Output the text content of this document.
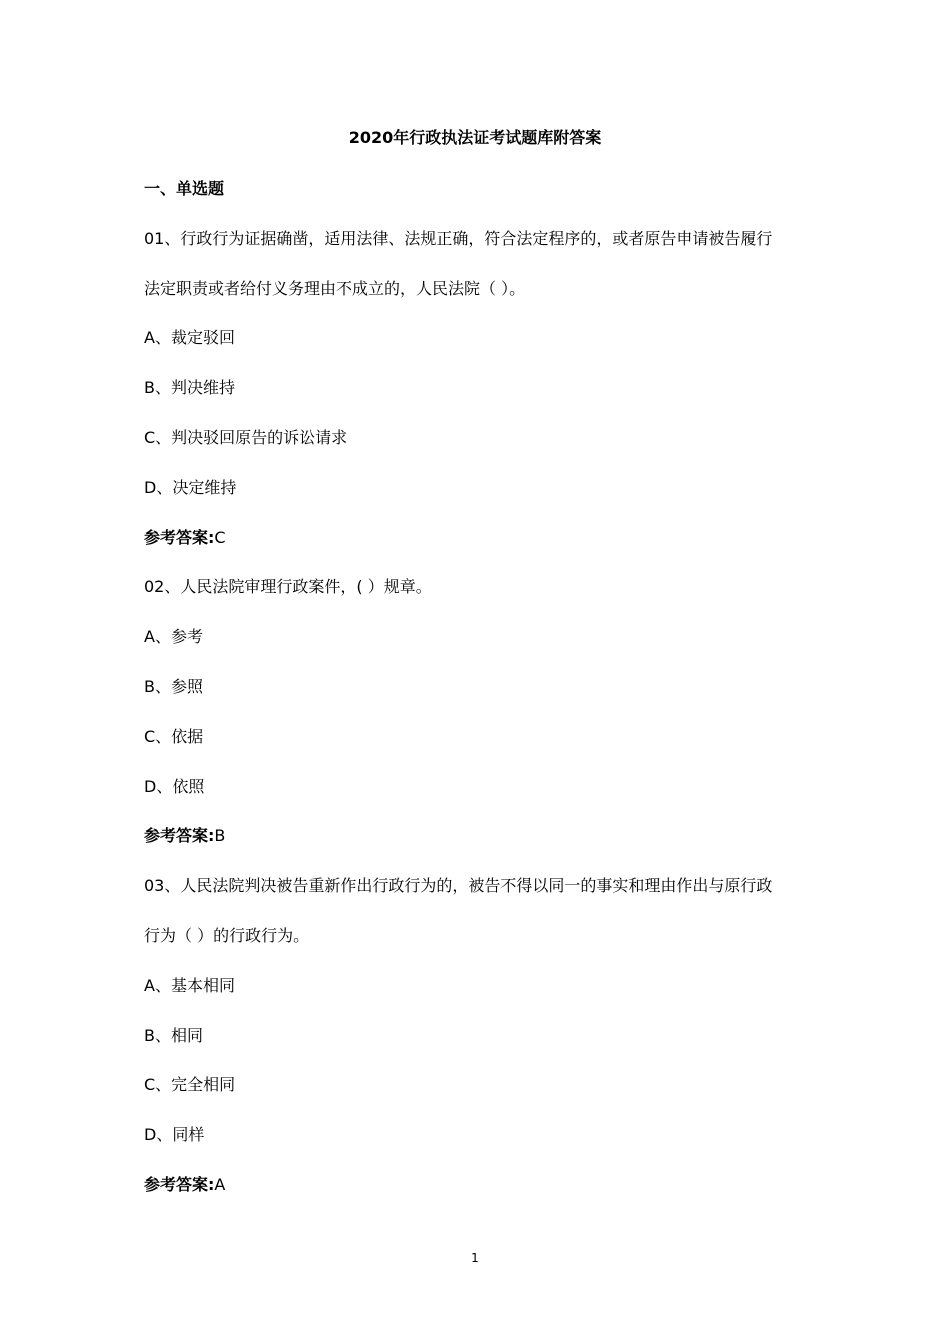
2020年行政执法证考试题库附答案
一、单选题
01、行政行为证据确凿，适用法律、法规正确，符合法定程序的，或者原告申请被告履行
法定职责或者给付义务理由不成立的，人民法院（ ）。
A、裁定驳回
B、判决维持
C、判决驳回原告的诉讼请求
D、决定维持
参考答案:C
02、人民法院审理行政案件，( ）规章。
A、参考
B、参照
C、依据
D、依照
参考答案:B
03、人民法院判决被告重新作出行政行为的，被告不得以同一的事实和理由作出与原行政
行为（ ）的行政行为。
A、基本相同
B、相同
C、完全相同
D、同样
参考答案:A
1
